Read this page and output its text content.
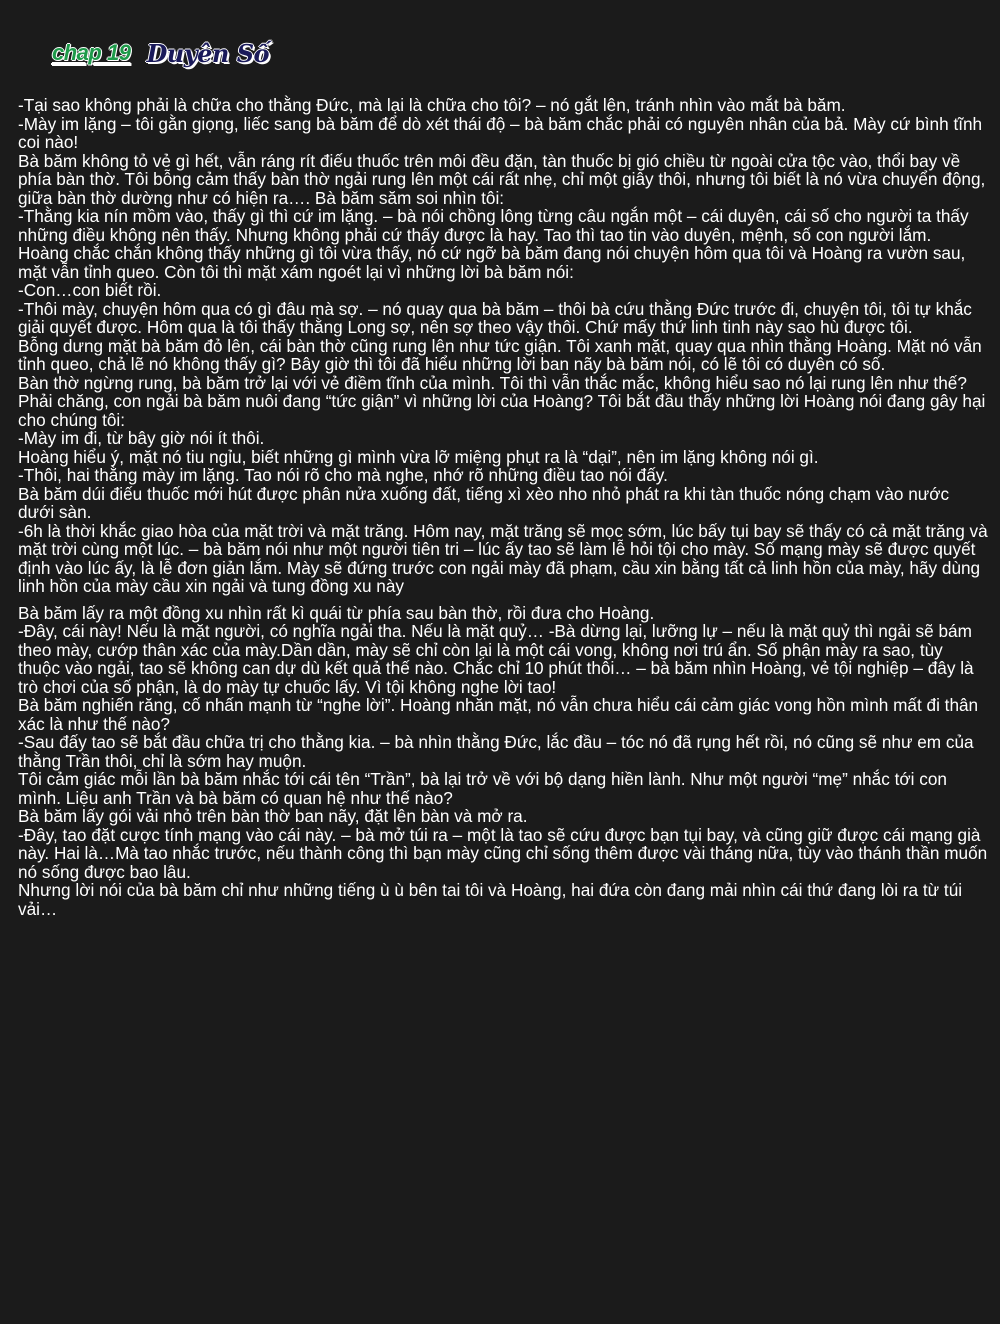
chap 19 Duyên Số

-Tại sao không phải là chữa cho thằng Đức, mà lại là chữa cho tôi? – nó gắt lên, tránh nhìn vào mắt bà băm.

-Mày im lặng – tôi gằn giọng, liếc sang bà băm để dò xét thái độ – bà băm chắc phải có nguyên nhân của bả. Mày cứ bình tĩnh coi nào!

Bà băm không tỏ vẻ gì hết, vẫn ráng rít điếu thuốc trên môi đều đặn, tàn thuốc bị gió chiều từ ngoài cửa tộc vào, thổi bay về phía bàn thờ. Tôi bỗng cảm thấy bàn thờ ngải rung lên một cái rất nhẹ, chỉ một giây thôi, nhưng tôi biết là nó vừa chuyển động, giữa bàn thờ dường như có hiện ra…. Bà băm săm soi nhìn tôi:

-Thằng kia nín mồm vào, thấy gì thì cứ im lặng. – bà nói chồng lông từng câu ngắn một – cái duyên, cái số cho người ta thấy những điều không nên thấy. Nhưng không phải cứ thấy được là hay. Tao thì tao tin vào duyên, mệnh, số con người lắm.

Hoàng chắc chắn không thấy những gì tôi vừa thấy, nó cứ ngỡ bà băm đang nói chuyện hôm qua tôi và Hoàng ra vườn sau, mặt vẫn tỉnh queo. Còn tôi thì mặt xám ngoét lại vì những lời bà băm nói:

-Con…con biết rồi.

-Thôi mày, chuyện hôm qua có gì đâu mà sợ. – nó quay qua bà băm – thôi bà cứu thằng Đức trước đi, chuyện tôi, tôi tự khắc giải quyết được. Hôm qua là tôi thấy thằng Long sợ, nên sợ theo vậy thôi. Chứ mấy thứ linh tinh này sao hù được tôi.

Bỗng dưng mặt bà băm đỏ lên, cái bàn thờ cũng rung lên như tức giận. Tôi xanh mặt, quay qua nhìn thằng Hoàng. Mặt nó vẫn tỉnh queo, chả lẽ nó không thấy gì? Bây giờ thì tôi đã hiểu những lời ban nãy bà băm nói, có lẽ tôi có duyên có số.

Bàn thờ ngừng rung, bà băm trở lại với vẻ điềm tĩnh của mình. Tôi thì vẫn thắc mắc, không hiểu sao nó lại rung lên như thế? Phải chăng, con ngải bà băm nuôi đang “tức giận” vì những lời của Hoàng? Tôi bắt đầu thấy những lời Hoàng nói đang gây hại cho chúng tôi:

-Mày im đi, từ bây giờ nói ít thôi.

Hoàng hiểu ý, mặt nó tiu ngỉu, biết những gì mình vừa lỡ miệng phụt ra là “dại”, nên im lặng không nói gì.

-Thôi, hai thằng mày im lặng. Tao nói rõ cho mà nghe, nhớ rõ những điều tao nói đấy.

Bà băm dúi điếu thuốc mới hút được phân nửa xuống đất, tiếng xì xèo nho nhỏ phát ra khi tàn thuốc nóng chạm vào nước dưới sàn.

-6h là thời khắc giao hòa của mặt trời và mặt trăng. Hôm nay, mặt trăng sẽ mọc sớm, lúc bấy tụi bay sẽ thấy có cả mặt trăng và mặt trời cùng một lúc. – bà băm nói như một người tiên tri – lúc ấy tao sẽ làm lễ hỏi tội cho mày. Số mạng mày sẽ được quyết định vào lúc ấy, là lễ đơn giản lắm. Mày sẽ đứng trước con ngải mày đã phạm, cầu xin bằng tất cả linh hồn của mày, hãy dùng linh hồn của mày cầu xin ngải và tung đồng xu này

Bà băm lấy ra một đồng xu nhìn rất kì quái từ phía sau bàn thờ, rồi đưa cho Hoàng.

-Đây, cái này! Nếu là mặt người, có nghĩa ngải tha. Nếu là mặt quỷ… -Bà dừng lại, lưỡng lự – nếu là mặt quỷ thì ngải sẽ bám theo mày, cướp thân xác của mày.Dần dần, mày sẽ chỉ còn lại là một cái vong, không nơi trú ẩn. Số phận mày ra sao, tùy thuộc vào ngải, tao sẽ không can dự dù kết quả thế nào. Chắc chỉ 10 phút thôi… – bà băm nhìn Hoàng, vẻ tội nghiệp – đây là trò chơi của số phận, là do mày tự chuốc lấy. Vì tội không nghe lời tao!

Bà băm nghiến răng, cố nhấn mạnh từ “nghe lời”. Hoàng nhăn mặt, nó vẫn chưa hiểu cái cảm giác vong hồn mình mất đi thân xác là như thế nào?

-Sau đấy tao sẽ bắt đầu chữa trị cho thằng kia. – bà nhìn thằng Đức, lắc đầu – tóc nó đã rụng hết rồi, nó cũng sẽ như em của thằng Trần thôi, chỉ là sớm hay muộn.

Tôi cảm giác mỗi lần bà băm nhắc tới cái tên “Trần”, bà lại trở về với bộ dạng hiền lành. Như một người “mẹ” nhắc tới con mình. Liệu anh Trần và bà băm có quan hệ như thế nào?

Bà băm lấy gói vải nhỏ trên bàn thờ ban nãy, đặt lên bàn và mở ra.

-Đây, tao đặt cược tính mạng vào cái này. – bà mở túi ra – một là tao sẽ cứu được bạn tụi bay, và cũng giữ được cái mạng già này. Hai là…Mà tao nhắc trước, nếu thành công thì bạn mày cũng chỉ sống thêm được vài tháng nữa, tùy vào thánh thần muốn nó sống được bao lâu.

Nhưng lời nói của bà băm chỉ như những tiếng ù ù bên tai tôi và Hoàng, hai đứa còn đang mải nhìn cái thứ đang lòi ra từ túi vải…
